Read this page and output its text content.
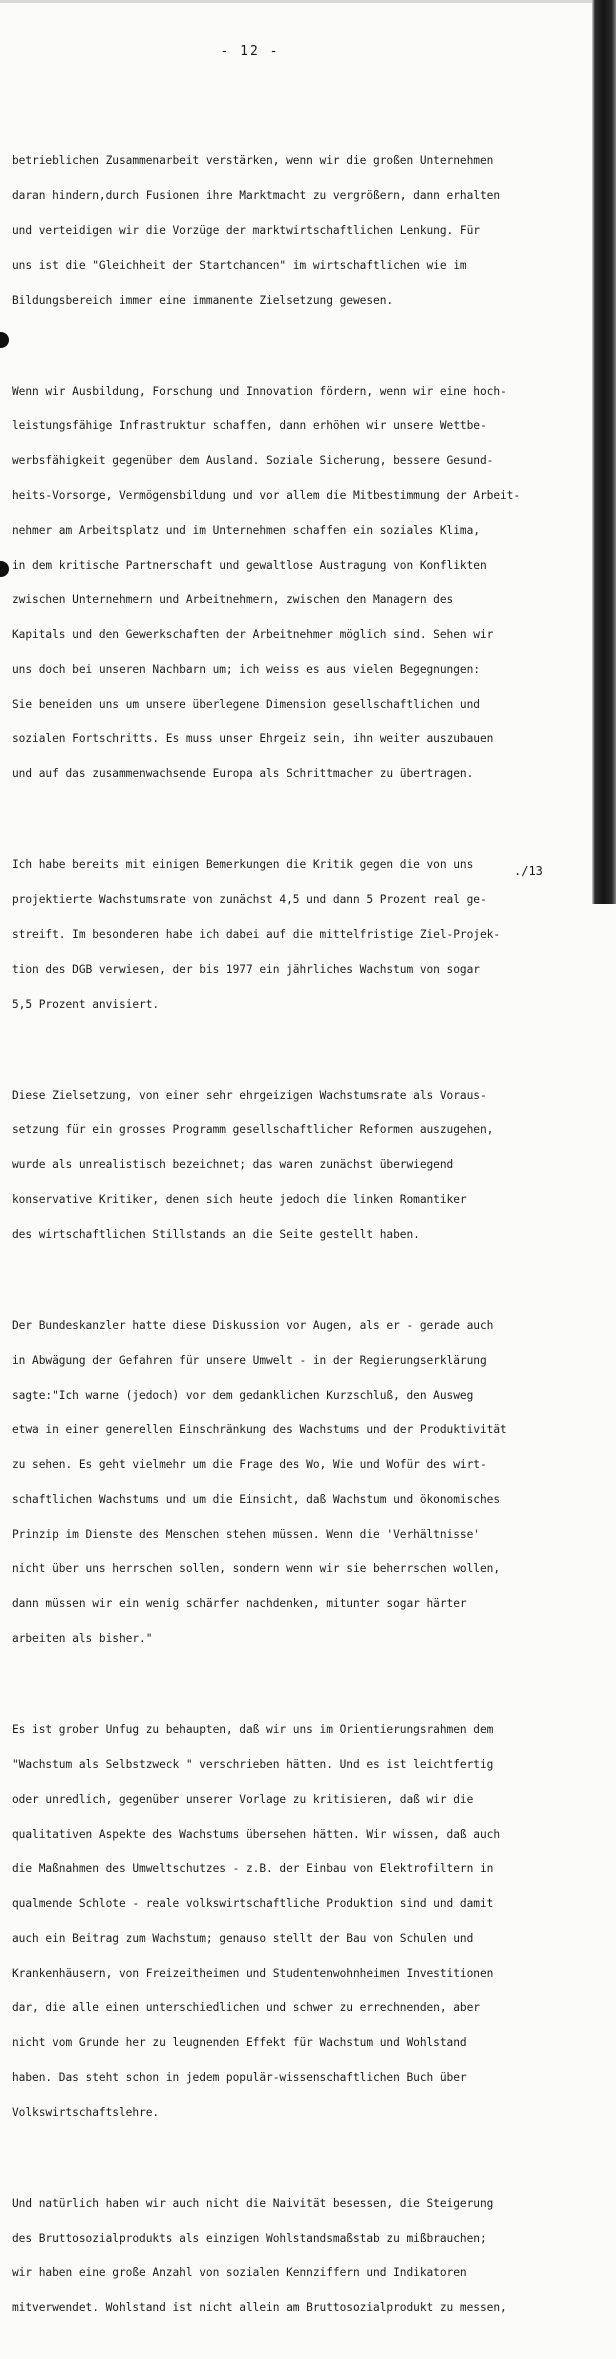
- 12 -

betrieblichen Zusammenarbeit verstärken, wenn wir die großen Unternehmen

daran hindern,durch Fusionen ihre Marktmacht zu vergrößern, dann erhalten

und verteidigen wir die Vorzüge der marktwirtschaftlichen Lenkung. Für

uns ist die "Gleichheit der Startchancen" im wirtschaftlichen wie im

Bildungsbereich immer eine immanente Zielsetzung gewesen.

Wenn wir Ausbildung, Forschung und Innovation fördern, wenn wir eine hoch-

leistungsfähige Infrastruktur schaffen, dann erhöhen wir unsere Wettbe-

werbsfähigkeit gegenüber dem Ausland. Soziale Sicherung, bessere Gesund-

heits-Vorsorge, Vermögensbildung und vor allem die Mitbestimmung der Arbeit-

nehmer am Arbeitsplatz und im Unternehmen schaffen ein soziales Klima,

in dem kritische Partnerschaft und gewaltlose Austragung von Konflikten

zwischen Unternehmern und Arbeitnehmern, zwischen den Managern des

Kapitals und den Gewerkschaften der Arbeitnehmer möglich sind. Sehen wir

uns doch bei unseren Nachbarn um; ich weiss es aus vielen Begegnungen:

Sie beneiden uns um unsere überlegene Dimension gesellschaftlichen und

sozialen Fortschritts. Es muss unser Ehrgeiz sein, ihn weiter auszubauen

und auf das zusammenwachsende Europa als Schrittmacher zu übertragen.

Ich habe bereits mit einigen Bemerkungen die Kritik gegen die von uns

projektierte Wachstumsrate von zunächst 4,5 und dann 5 Prozent real ge-

streift. Im besonderen habe ich dabei auf die mittelfristige Ziel-Projek-

tion des DGB verwiesen, der bis 1977 ein jährliches Wachstum von sogar

5,5 Prozent anvisiert.

Diese Zielsetzung, von einer sehr ehrgeizigen Wachstumsrate als Voraus-

setzung für ein grosses Programm gesellschaftlicher Reformen auszugehen,

wurde als unrealistisch bezeichnet; das waren zunächst überwiegend

konservative Kritiker, denen sich heute jedoch die linken Romantiker

des wirtschaftlichen Stillstands an die Seite gestellt haben.

Der Bundeskanzler hatte diese Diskussion vor Augen, als er - gerade auch

in Abwägung der Gefahren für unsere Umwelt - in der Regierungserklärung

sagte:"Ich warne (jedoch) vor dem gedanklichen Kurzschluß, den Ausweg

etwa in einer generellen Einschränkung des Wachstums und der Produktivität

zu sehen. Es geht vielmehr um die Frage des Wo, Wie und Wofür des wirt-

schaftlichen Wachstums und um die Einsicht, daß Wachstum und ökonomisches

Prinzip im Dienste des Menschen stehen müssen. Wenn die 'Verhältnisse'

nicht über uns herrschen sollen, sondern wenn wir sie beherrschen wollen,

dann müssen wir ein wenig schärfer nachdenken, mitunter sogar härter

arbeiten als bisher."

Es ist grober Unfug zu behaupten, daß wir uns im Orientierungsrahmen dem

"Wachstum als Selbstzweck " verschrieben hätten. Und es ist leichtfertig

oder unredlich, gegenüber unserer Vorlage zu kritisieren, daß wir die

qualitativen Aspekte des Wachstums übersehen hätten. Wir wissen, daß auch

die Maßnahmen des Umweltschutzes - z.B. der Einbau von Elektrofiltern in

qualmende Schlote - reale volkswirtschaftliche Produktion sind und damit

auch ein Beitrag zum Wachstum; genauso stellt der Bau von Schulen und

Krankenhäusern, von Freizeitheimen und Studentenwohnheimen Investitionen

dar, die alle einen unterschiedlichen und schwer zu errechnenden, aber

nicht vom Grunde her zu leugnenden Effekt für Wachstum und Wohlstand

haben. Das steht schon in jedem populär-wissenschaftlichen Buch über

Volkswirtschaftslehre.

Und natürlich haben wir auch nicht die Naivität besessen, die Steigerung

des Bruttosozialprodukts als einzigen Wohlstandsmaßstab zu mißbrauchen;

wir haben eine große Anzahl von sozialen Kennziffern und Indikatoren

mitverwendet. Wohlstand ist nicht allein am Bruttosozialprodukt zu messen,

./13
